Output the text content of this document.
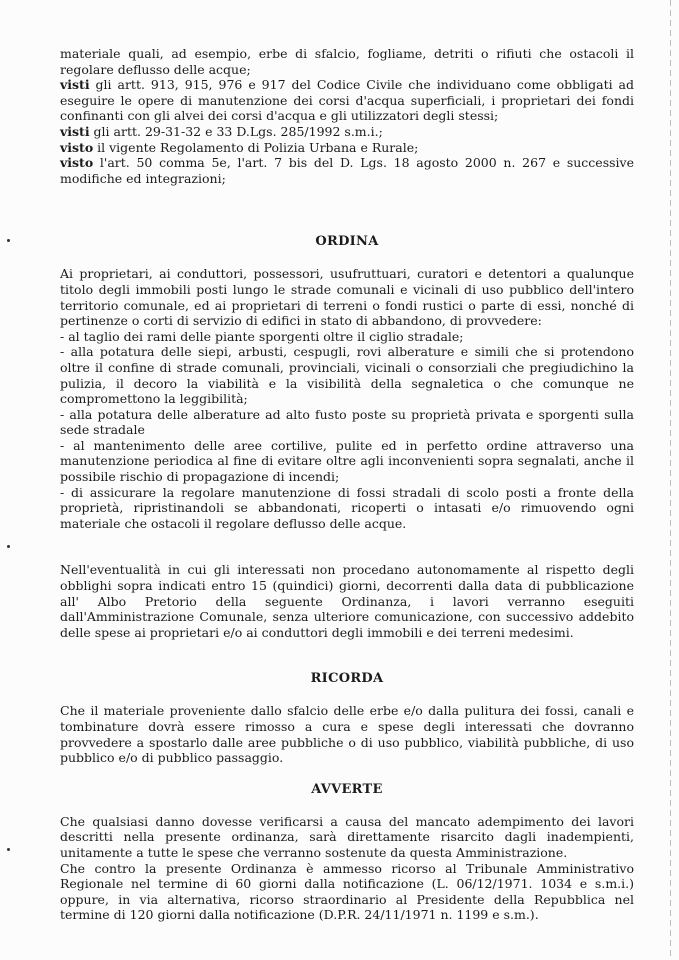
materiale quali, ad esempio, erbe di sfalcio, fogliame, detriti o rifiuti che ostacoli il regolare deflusso delle acque;

visti gli artt. 913, 915, 976 e 917 del Codice Civile che individuano come obbligati ad eseguire le opere di manutenzione dei corsi d'acqua superficiali, i proprietari dei fondi confinanti con gli alvei dei corsi d'acqua e gli utilizzatori degli stessi;

visti gli artt. 29-31-32 e 33 D.Lgs. 285/1992 s.m.i.;

visto il vigente Regolamento di Polizia Urbana e Rurale;

visto l'art. 50 comma 5e, l'art. 7 bis del D. Lgs. 18 agosto 2000 n. 267 e successive modifiche ed integrazioni;

ORDINA

Ai proprietari, ai conduttori, possessori, usufruttuari, curatori e detentori a qualunque titolo degli immobili posti lungo le strade comunali e vicinali di uso pubblico dell'intero territorio comunale, ed ai proprietari di terreni o fondi rustici o parte di essi, nonché di pertinenze o corti di servizio di edifici in stato di abbandono, di provvedere:

- al taglio dei rami delle piante sporgenti oltre il ciglio stradale;

- alla potatura delle siepi, arbusti, cespugli, rovi alberature e simili che si protendono oltre il confine di strade comunali, provinciali, vicinali o consorziali che pregiudichino la pulizia, il decoro la viabilità e la visibilità della segnaletica o che comunque ne compromettono la leggibilità;

- alla potatura delle alberature ad alto fusto poste su proprietà privata e sporgenti sulla sede stradale

- al mantenimento delle aree cortilive, pulite ed in perfetto ordine attraverso una manutenzione periodica al fine di evitare oltre agli inconvenienti sopra segnalati, anche il possibile rischio di propagazione di incendi;

- di assicurare la regolare manutenzione di fossi stradali di scolo posti a fronte della proprietà, ripristinandoli se abbandonati, ricoperti o intasati e/o rimuovendo ogni materiale che ostacoli il regolare deflusso delle acque.

Nell'eventualità in cui gli interessati non procedano autonomamente al rispetto degli obblighi sopra indicati entro 15 (quindici) giorni, decorrenti dalla data di pubblicazione all' Albo Pretorio della seguente Ordinanza, i lavori verranno eseguiti dall'Amministrazione Comunale, senza ulteriore comunicazione, con successivo addebito delle spese ai proprietari e/o ai conduttori degli immobili e dei terreni medesimi.

RICORDA

Che il materiale proveniente dallo sfalcio delle erbe e/o dalla pulitura dei fossi, canali e tombinature dovrà essere rimosso a cura e spese degli interessati che dovranno provvedere a spostarlo dalle aree pubbliche o di uso pubblico, viabilità pubbliche, di uso pubblico e/o di pubblico passaggio.

AVVERTE

Che qualsiasi danno dovesse verificarsi a causa del mancato adempimento dei lavori descritti nella presente ordinanza, sarà direttamente risarcito dagli inadempienti, unitamente a tutte le spese che verranno sostenute da questa Amministrazione.

Che contro la presente Ordinanza è ammesso ricorso al Tribunale Amministrativo Regionale nel termine di 60 giorni dalla notificazione (L. 06/12/1971. 1034 e s.m.i.) oppure, in via alternativa, ricorso straordinario al Presidente della Repubblica nel termine di 120 giorni dalla notificazione (D.P.R. 24/11/1971 n. 1199 e s.m.).
